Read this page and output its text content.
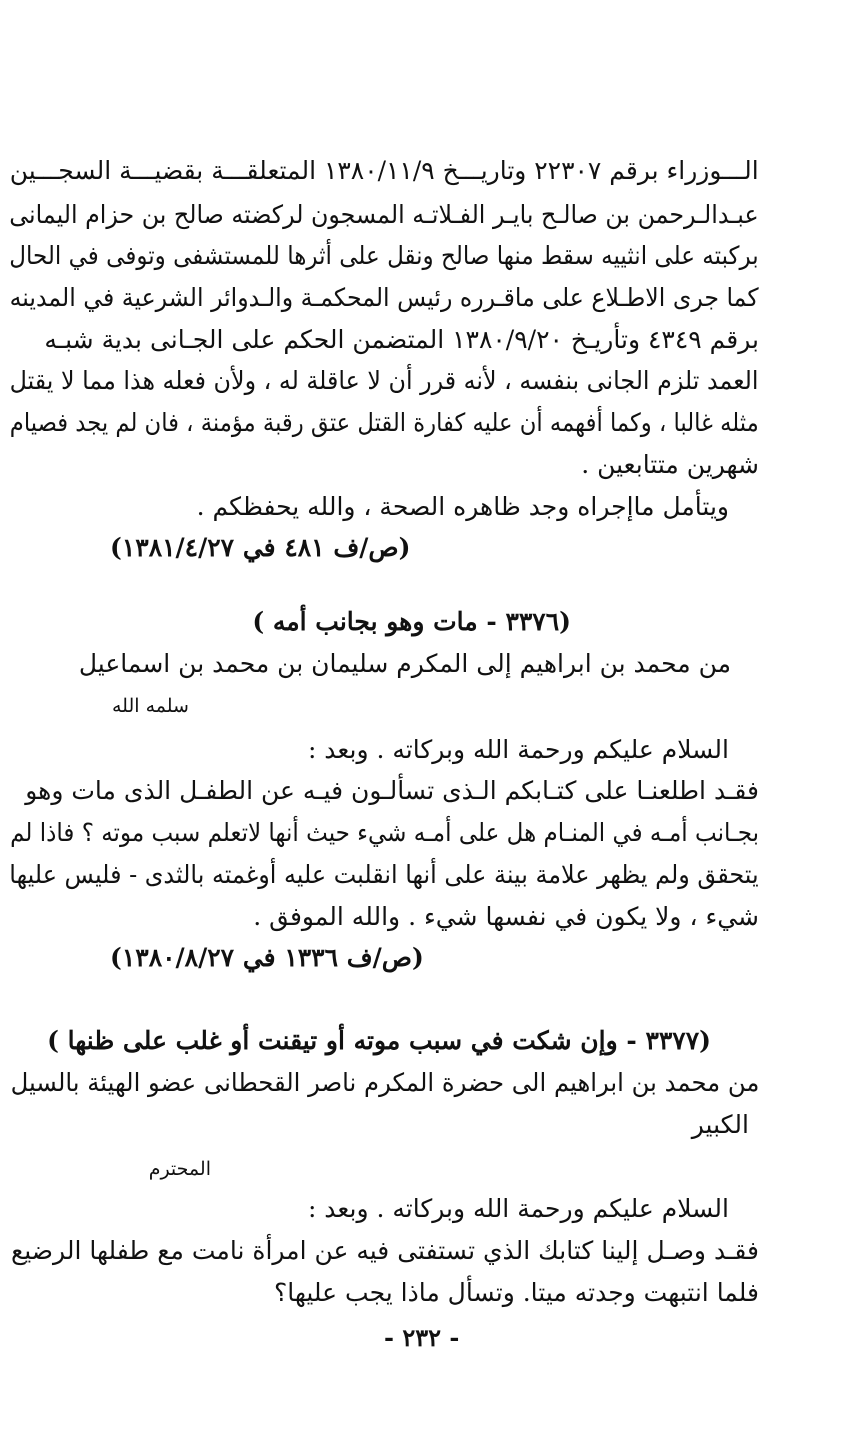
الـــوزراء برقم ٢٢٣٠٧ وتاريـــخ ١٣٨٠/١١/٩ المتعلقـــة بقضيـــة السجـــين

عبـدالـرحمن بن صالـح بايـر الفـلاتـه المسجون لركضته صالح بن حزام اليمانى

بركبته على انثييه سقط منها صالح ونقل على أثرها للمستشفى وتوفى في الحال

كما جرى الاطـلاع على ماقـرره رئيس المحكمـة والـدوائر الشرعية في المدينه

برقم ٤٣٤٩ وتأريـخ ١٣٨٠/٩/٢٠ المتضمن الحكم على الجـانى بدية شبـه

العمد تلزم الجانى بنفسه ، لأنه قرر أن لا عاقلة له ، ولأن فعله هذا مما لا يقتل

مثله غالبا ، وكما أفهمه أن عليه كفارة القتل عتق رقبة مؤمنة ، فان لم يجد فصيام

شهرين متتابعين .

ويتأمل ماإجراه وجد ظاهره الصحة ، والله يحفظكم .

(ص/ف ٤٨١ في ١٣٨١/٤/٢٧)

(٣٣٧٦ - مات وهو بجانب أمه )

من محمد بن ابراهيم إلى المكرم سليمان بن محمد بن اسماعيل

سلمه الله

السلام عليكم ورحمة الله وبركاته . وبعد :

فقـد اطلعنـا على كتـابكم الـذى تسألـون فيـه عن الطفـل الذى مات وهو

بجـانب أمـه في المنـام هل على أمـه شيء حيث أنها لاتعلم سبب موته ؟ فاذا لم

يتحقق ولم يظهر علامة بينة على أنها انقلبت عليه أوغمته بالثدى - فليس عليها

شيء ، ولا يكون في نفسها شيء . والله الموفق .

(ص/ف ١٣٣٦ في ١٣٨٠/٨/٢٧)

(٣٣٧٧ - وإن شكت في سبب موته أو تيقنت أو غلب على ظنها )

من محمد بن ابراهيم الى حضرة المكرم ناصر القحطانى عضو الهيئة بالسيل

الكبير

المحترم

السلام عليكم ورحمة الله وبركاته . وبعد :

فقـد وصـل إلينا كتابك الذي تستفتى فيه عن امرأة نامت مع طفلها الرضيع

فلما انتبهت وجدته ميتا. وتسأل ماذا يجب عليها؟

- ٢٣٢ -
